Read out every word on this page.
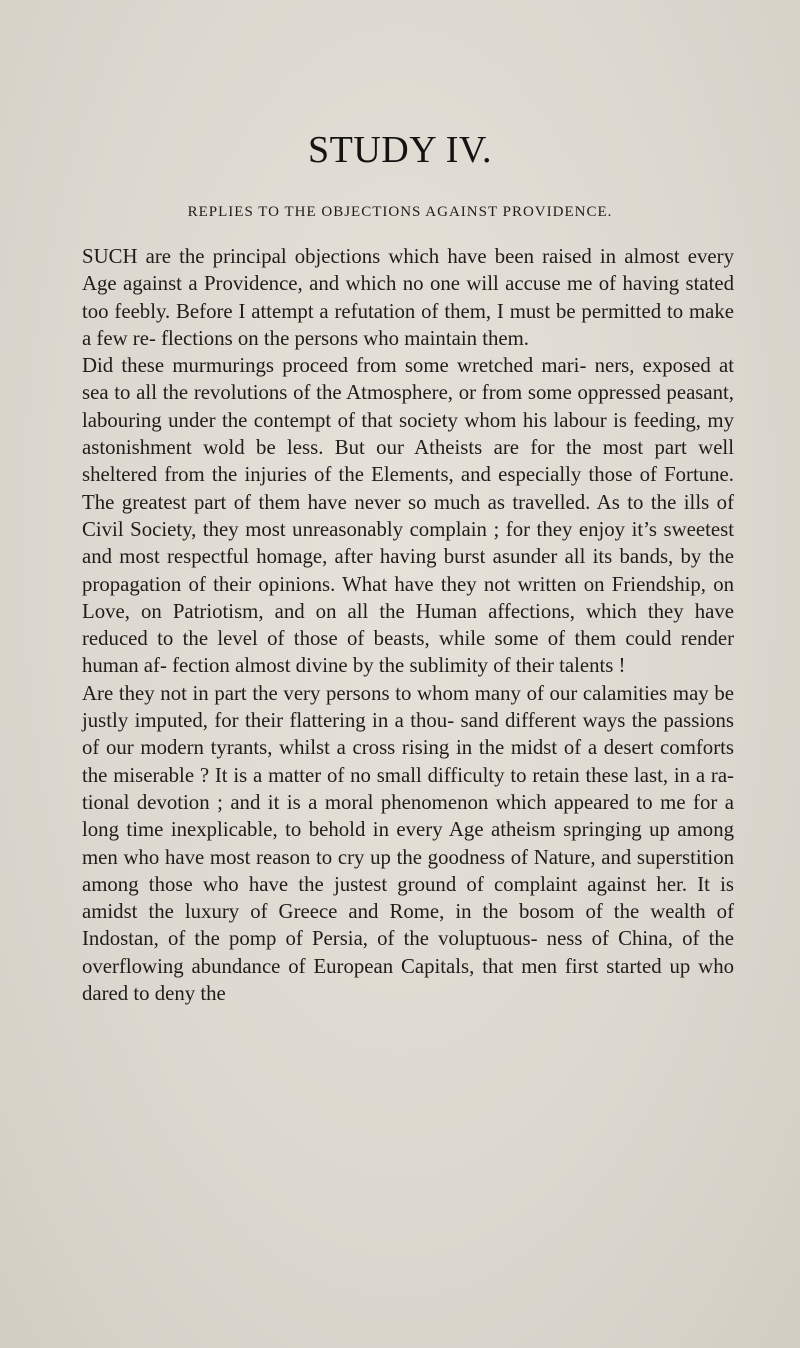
STUDY IV.
REPLIES TO THE OBJECTIONS AGAINST PROVIDENCE.

SUCH are the principal objections which have been raised in almost every Age against a Providence, and which no one will accuse me of having stated too feebly. Before I attempt a refutation of them, I must be permitted to make a few re- flections on the persons who maintain them.

Did these murmurings proceed from some wretched mari- ners, exposed at sea to all the revolutions of the Atmosphere, or from some oppressed peasant, labouring under the contempt of that society whom his labour is feeding, my astonishment wold be less. But our Atheists are for the most part well sheltered from the injuries of the Elements, and especially those of Fortune. The greatest part of them have never so much as travelled. As to the ills of Civil Society, they most unreasonably complain ; for they enjoy it’s sweetest and most respectful homage, after having burst asunder all its bands, by the propagation of their opinions. What have they not written on Friendship, on Love, on Patriotism, and on all the Human affections, which they have reduced to the level of those of beasts, while some of them could render human af- fection almost divine by the sublimity of their talents !

Are they not in part the very persons to whom many of our calamities may be justly imputed, for their flattering in a thou- sand different ways the passions of our modern tyrants, whilst a cross rising in the midst of a desert comforts the miserable ? It is a matter of no small difficulty to retain these last, in a ra- tional devotion ; and it is a moral phenomenon which appeared to me for a long time inexplicable, to behold in every Age atheism springing up among men who have most reason to cry up the goodness of Nature, and superstition among those who have the justest ground of complaint against her. It is amidst the luxury of Greece and Rome, in the bosom of the wealth of Indostan, of the pomp of Persia, of the voluptuous- ness of China, of the overflowing abundance of European Capitals, that men first started up who dared to deny the
